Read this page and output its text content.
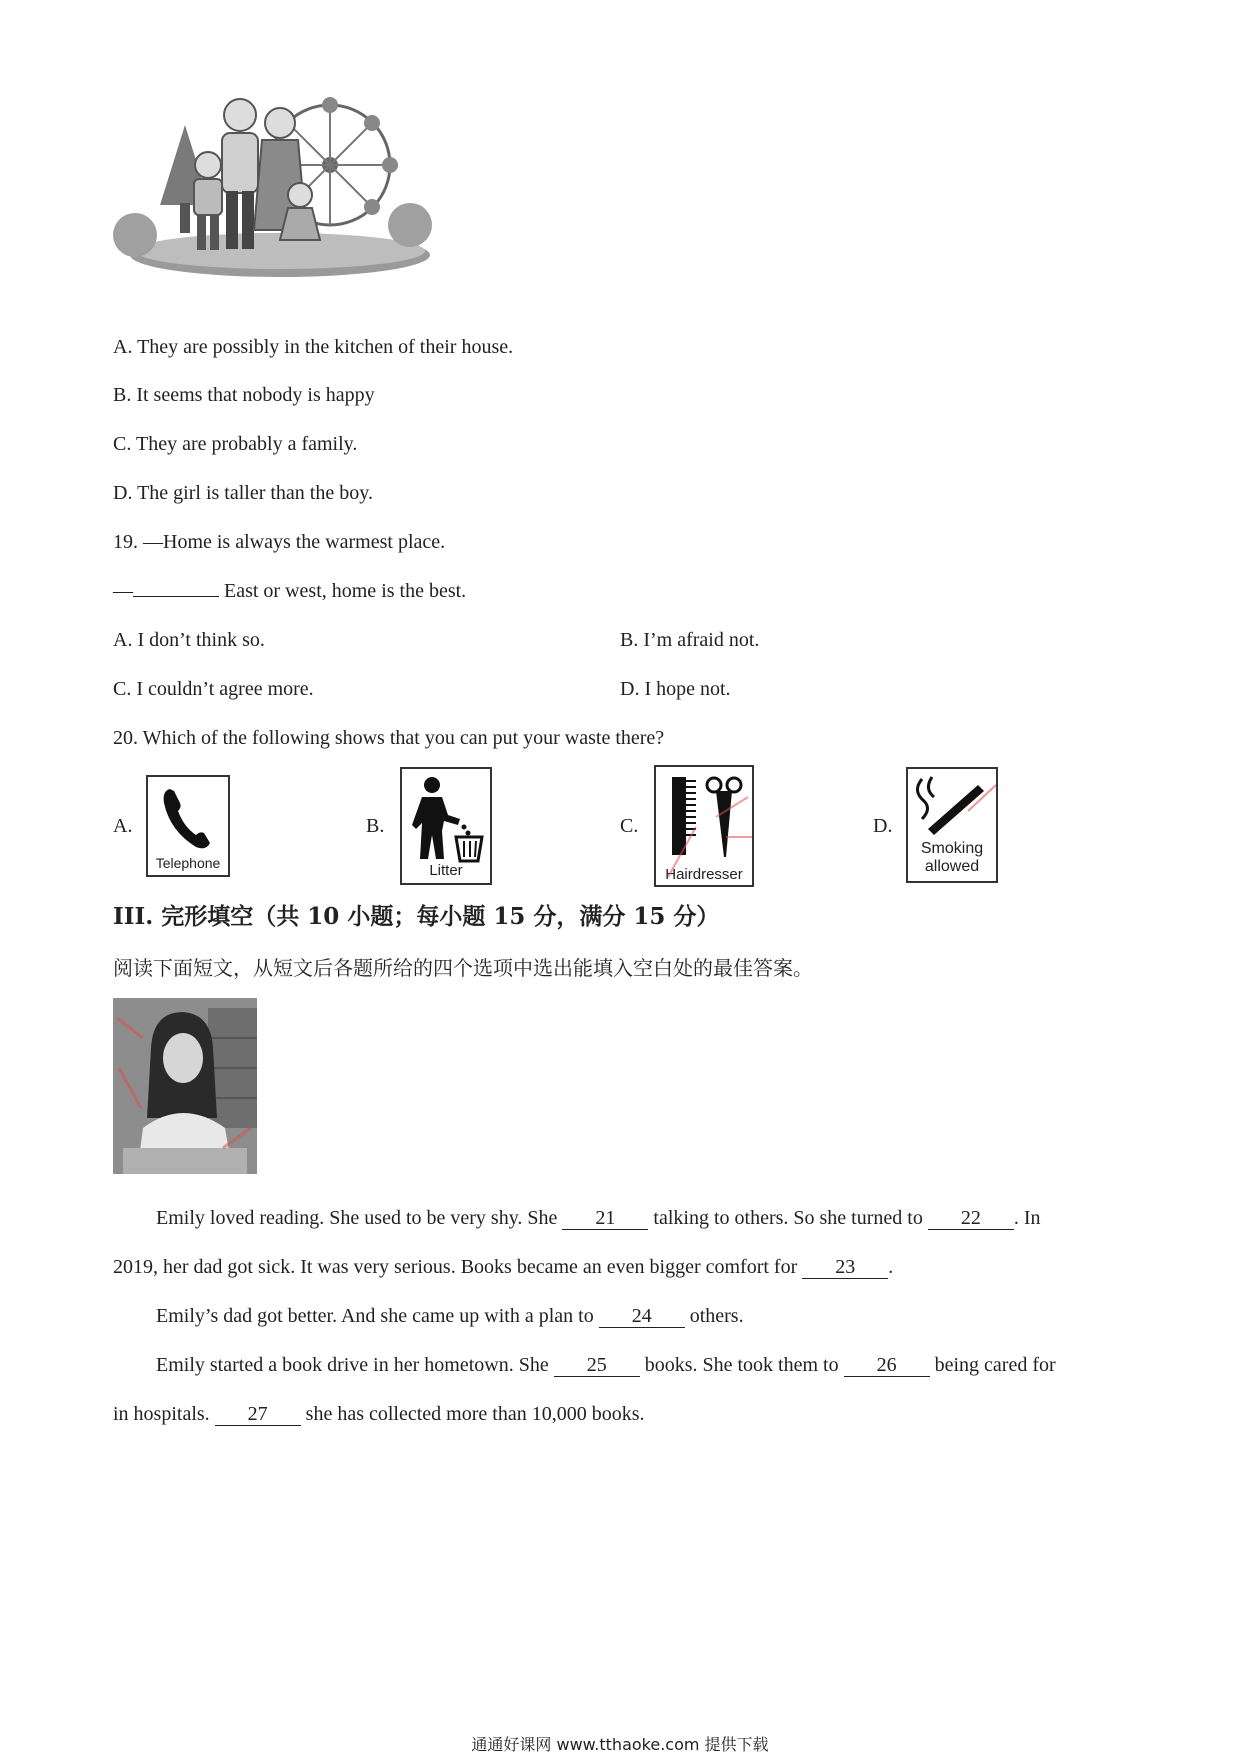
A. They are possibly in the kitchen of their house.
B. It seems that nobody is happy
C. They are probably a family.
D. The girl is taller than the boy.
19. —Home is always the warmest place.
—	East or west, home is the best.
A. I don’t think so.	B. I’m afraid not.
C. I couldn’t agree more.	D. I hope not.
20. Which of the following shows that you can put your waste there?
A.	B.	C.	D.
Telephone	Litter	Hairdresser
Smoking
allowed
III. 完形填空（共 10 小题；每小题 15 分，满分 15 分）
阅读下面短文，从短文后各题所给的四个选项中选出能填入空白处的最佳答案。
Emily loved reading. She used to be very shy. She 21 talking to others. So she turned to 22 . In
2019, her dad got sick. It was very serious. Books became an even bigger comfort for 23 .
Emily’s dad got better. And she came up with a plan to 24 others.
Emily started a book drive in her hometown. She 25 books. She took them to 26 being cared for
in hospitals. 27 she has collected more than 10,000 books.
通通好课网 www.tthaoke.com 提供下载
